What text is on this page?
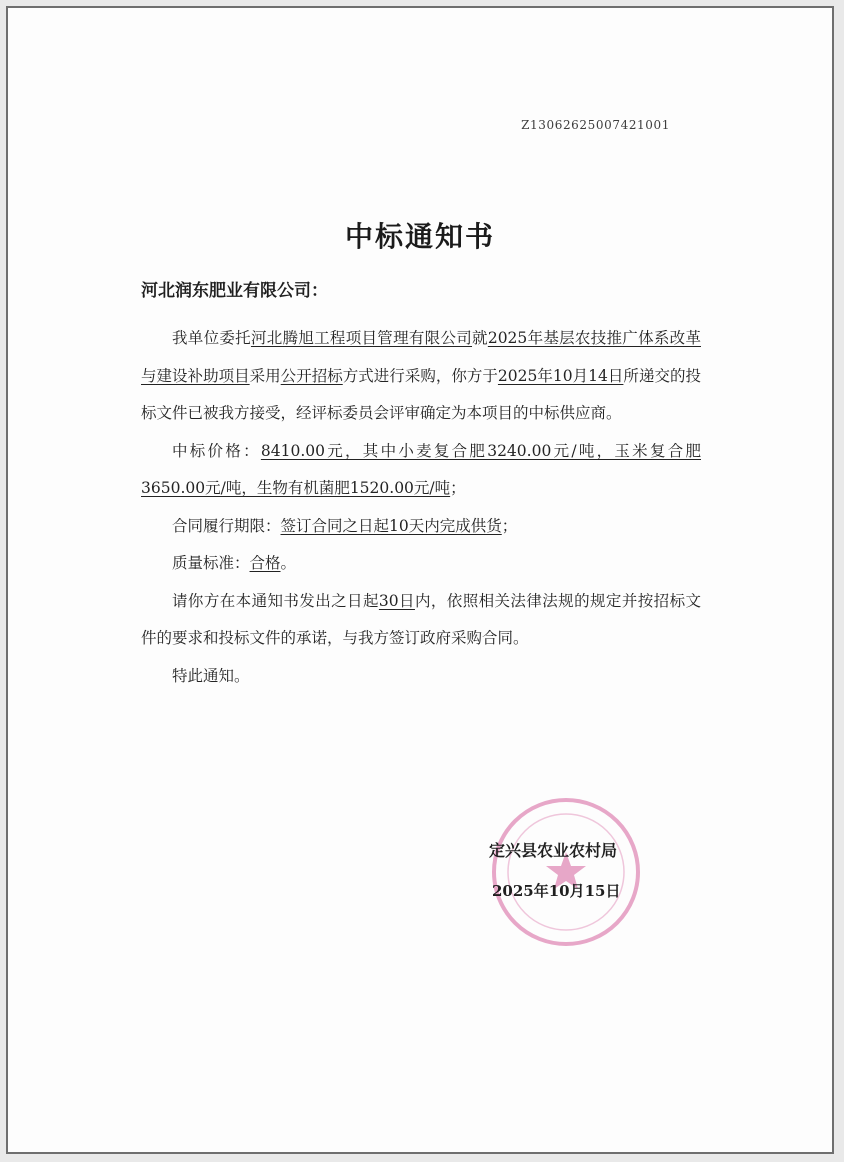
Z13062625007421001
中标通知书
河北润东肥业有限公司：

我单位委托河北腾旭工程项目管理有限公司就2025年基层农技推广体系改革与建设补助项目采用公开招标方式进行采购，你方于2025年10月14日所递交的投标文件已被我方接受，经评标委员会评审确定为本项目的中标供应商。

中标价格：8410.00元，其中小麦复合肥3240.00元/吨，玉米复合肥3650.00元/吨，生物有机菌肥1520.00元/吨；

合同履行期限：签订合同之日起10天内完成供货；

质量标准：合格。

请你方在本通知书发出之日起30日内，依照相关法律法规的规定并按招标文件的要求和投标文件的承诺，与我方签订政府采购合同。

特此通知。

定兴县农业农村局
2025年10月15日
